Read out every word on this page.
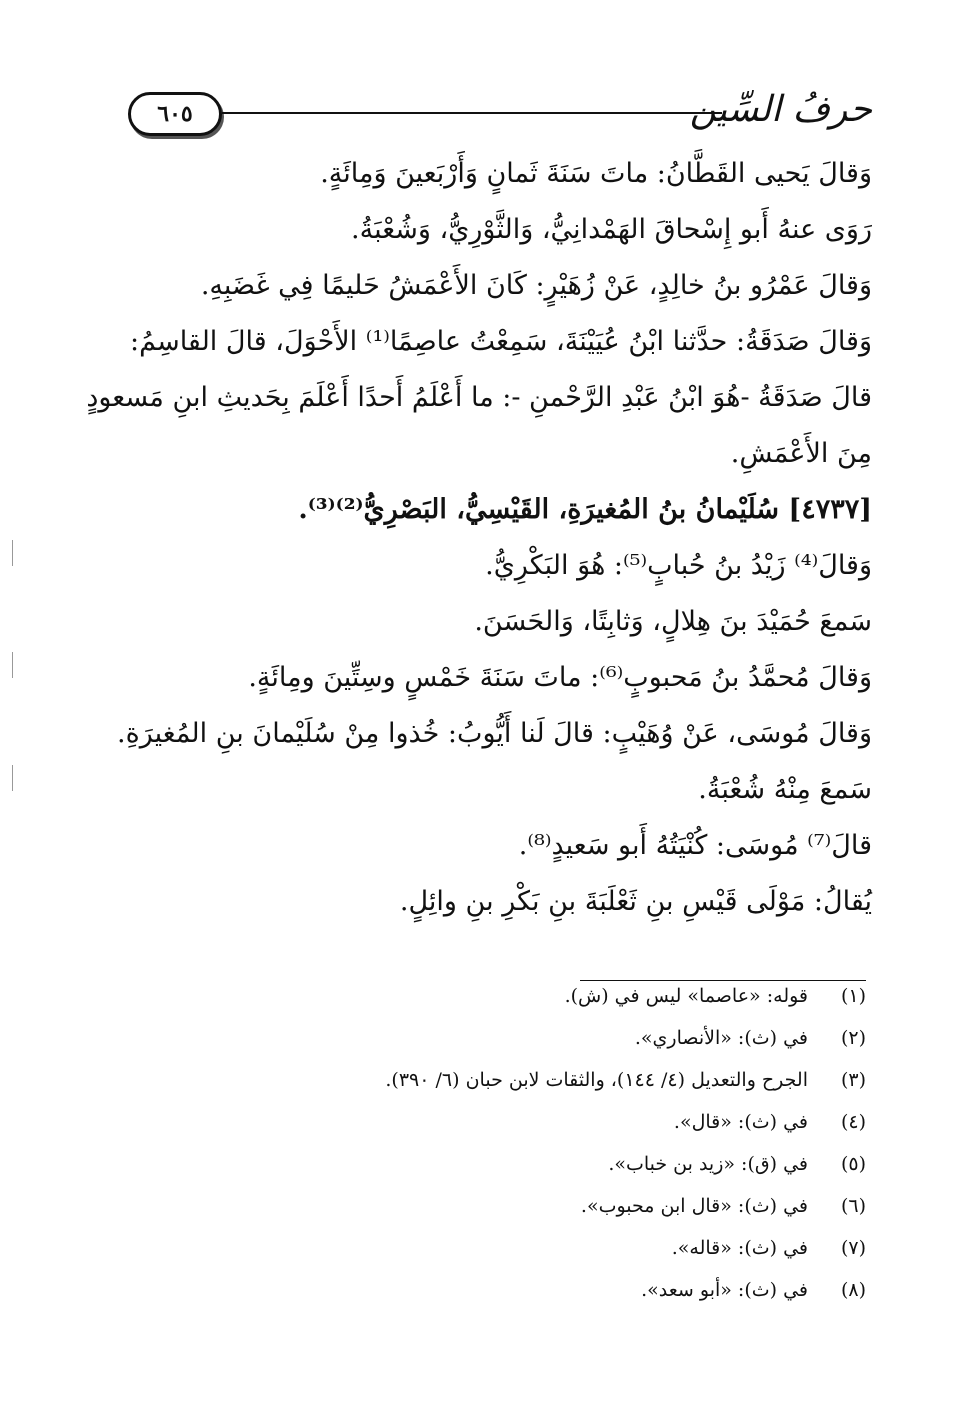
٦٠٥	حرفُ السِّين
وَقالَ يَحيى القَطَّانُ: ماتَ سَنَةَ ثَمانٍ وَأَرْبَعينَ وَمِائَةٍ.
رَوَى عنهُ أَبو إِسْحاقَ الهَمْدانِيُّ، وَالثَّوْرِيُّ، وَشُعْبَةُ.
وَقالَ عَمْرُو بنُ خالِدٍ، عَنْ زُهَيْرٍ: كَانَ الأَعْمَشُ حَليمًا فِي غَضَبِهِ.
وَقالَ صَدَقَةُ: حدَّثنا ابْنُ عُيَيْنَةَ، سَمِعْتُ عاصِمًا⁽¹⁾ الأَحْوَلَ، قالَ القاسِمُ:
قالَ صَدَقَةُ -هُوَ ابْنُ عَبْدِ الرَّحْمنِ -: ما أَعْلَمُ أَحدًا أَعْلَمَ بِحَديثِ ابنِ مَسعودٍ
مِنَ الأَعْمَشِ.
[٤٧٣٧] سُلَيْمانُ بنُ المُغيرَةِ، القَيْسِيُّ، البَصْرِيُّ⁽²⁾⁽³⁾.
وَقالَ⁽⁴⁾ زَيْدُ بنُ حُبابٍ⁽⁵⁾: هُوَ البَكْرِيُّ.
سَمعَ حُمَيْدَ بنَ هِلالٍ، وَثابِتًا، وَالحَسَنَ.
وَقالَ مُحمَّدُ بنُ مَحبوبٍ⁽⁶⁾: ماتَ سَنَةَ خَمْسٍ وسِتِّينَ ومِائَةٍ.
وَقالَ مُوسَى، عَنْ وُهَيْبٍ: قالَ لَنا أَيُّوبُ: خُذوا مِنْ سُلَيْمانَ بنِ المُغيرَةِ.
سَمعَ مِنْهُ شُعْبَةُ.
قالَ⁽⁷⁾ مُوسَى: كُنْيَتُهُ أَبو سَعيدٍ⁽⁸⁾.
يُقالُ: مَوْلَى قَيْسِ بنِ ثَعْلَبَةَ بنِ بَكْرِ بنِ وائِلٍ.
(١)قوله: «عاصما» ليس في (ش).
(٢)في (ث): «الأنصاري».
(٣)الجرح والتعديل (٤/ ١٤٤)، والثقات لابن حبان (٦/ ٣٩٠).
(٤)في (ث): «قال».
(٥)في (ق): «زيد بن خباب».
(٦)في (ث): «قال ابن محبوب».
(٧)في (ث): «قاله».
(٨)في (ث): «أبو سعد».
